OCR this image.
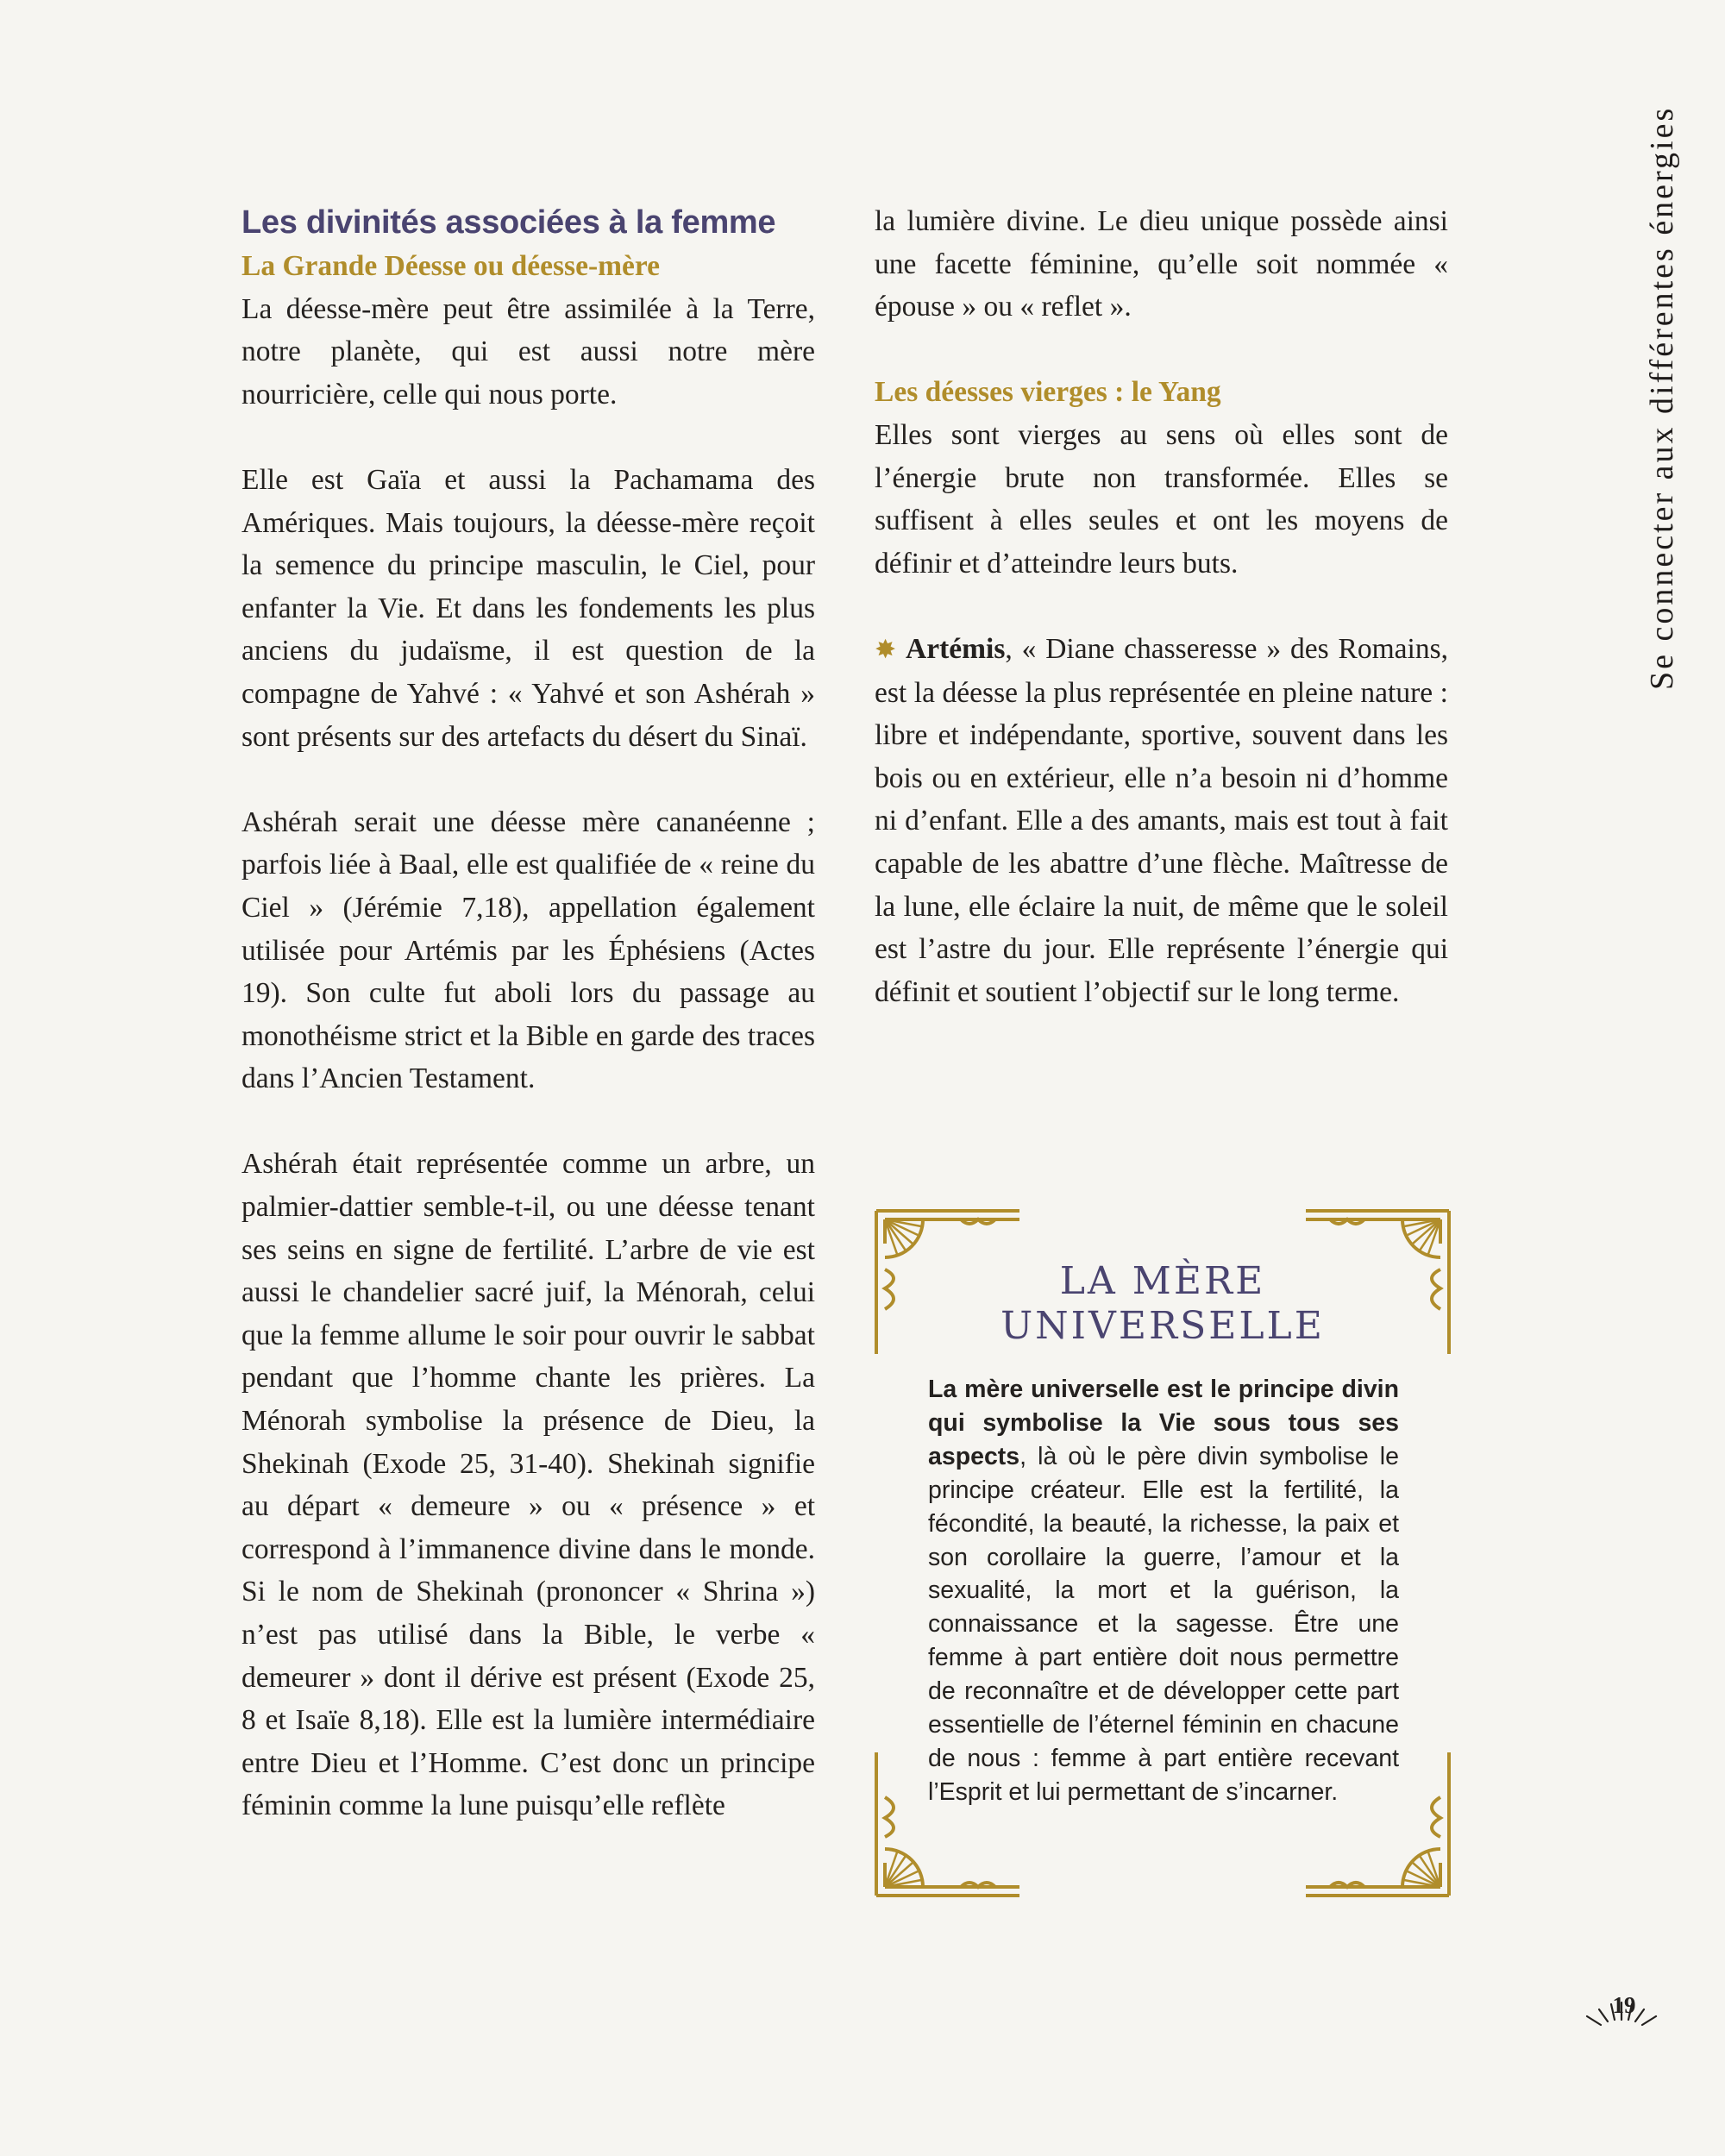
Se connecter aux différentes énergies
Les divinités associées à la femme

La Grande Déesse ou déesse-mère

La déesse-mère peut être assimilée à la Terre, notre planète, qui est aussi notre mère nourricière, celle qui nous porte.

Elle est Gaïa et aussi la Pachamama des Amériques. Mais toujours, la déesse-mère reçoit la semence du principe masculin, le Ciel, pour enfanter la Vie. Et dans les fondements les plus anciens du judaïsme, il est question de la compagne de Yahvé : « Yahvé et son Ashérah » sont présents sur des artefacts du désert du Sinaï.

Ashérah serait une déesse mère cananéenne ; parfois liée à Baal, elle est qualifiée de « reine du Ciel » (Jérémie 7,18), appellation également utilisée pour Artémis par les Éphésiens (Actes 19). Son culte fut aboli lors du passage au monothéisme strict et la Bible en garde des traces dans l’Ancien Testament.

Ashérah était représentée comme un arbre, un palmier-dattier semble-t-il, ou une déesse tenant ses seins en signe de fertilité. L’arbre de vie est aussi le chandelier sacré juif, la Ménorah, celui que la femme allume le soir pour ouvrir le sabbat pendant que l’homme chante les prières. La Ménorah symbolise la présence de Dieu, la Shekinah (Exode 25, 31-40). Shekinah signifie au départ « demeure » ou « présence » et correspond à l’immanence divine dans le monde. Si le nom de Shekinah (prononcer « Shrina ») n’est pas utilisé dans la Bible, le verbe « demeurer » dont il dérive est présent (Exode 25, 8 et Isaïe 8,18). Elle est la lumière intermédiaire entre Dieu et l’Homme. C’est donc un principe féminin comme la lune puisqu’elle reflète

la lumière divine. Le dieu unique possède ainsi une facette féminine, qu’elle soit nommée « épouse » ou « reflet ».

Les déesses vierges : le Yang

Elles sont vierges au sens où elles sont de l’énergie brute non transformée. Elles se suffisent à elles seules et ont les moyens de définir et d’atteindre leurs buts.

✸ Artémis, « Diane chasseresse » des Romains, est la déesse la plus représentée en pleine nature : libre et indépendante, sportive, souvent dans les bois ou en extérieur, elle n’a besoin ni d’homme ni d’enfant. Elle a des amants, mais est tout à fait capable de les abattre d’une flèche. Maîtresse de la lune, elle éclaire la nuit, de même que le soleil est l’astre du jour. Elle représente l’énergie qui définit et soutient l’objectif sur le long terme.

LA MÈRE
UNIVERSELLE
La mère universelle est le principe divin qui symbolise la Vie sous tous ses aspects, là où le père divin symbolise le principe créateur. Elle est la fertilité, la fécondité, la beauté, la richesse, la paix et son corollaire la guerre, l’amour et la sexualité, la mort et la guérison, la connaissance et la sagesse. Être une femme à part entière doit nous permettre de reconnaître et de développer cette part essentielle de l’éternel féminin en chacune de nous : femme à part entière recevant l’Esprit et lui permettant de s’incarner.
19
